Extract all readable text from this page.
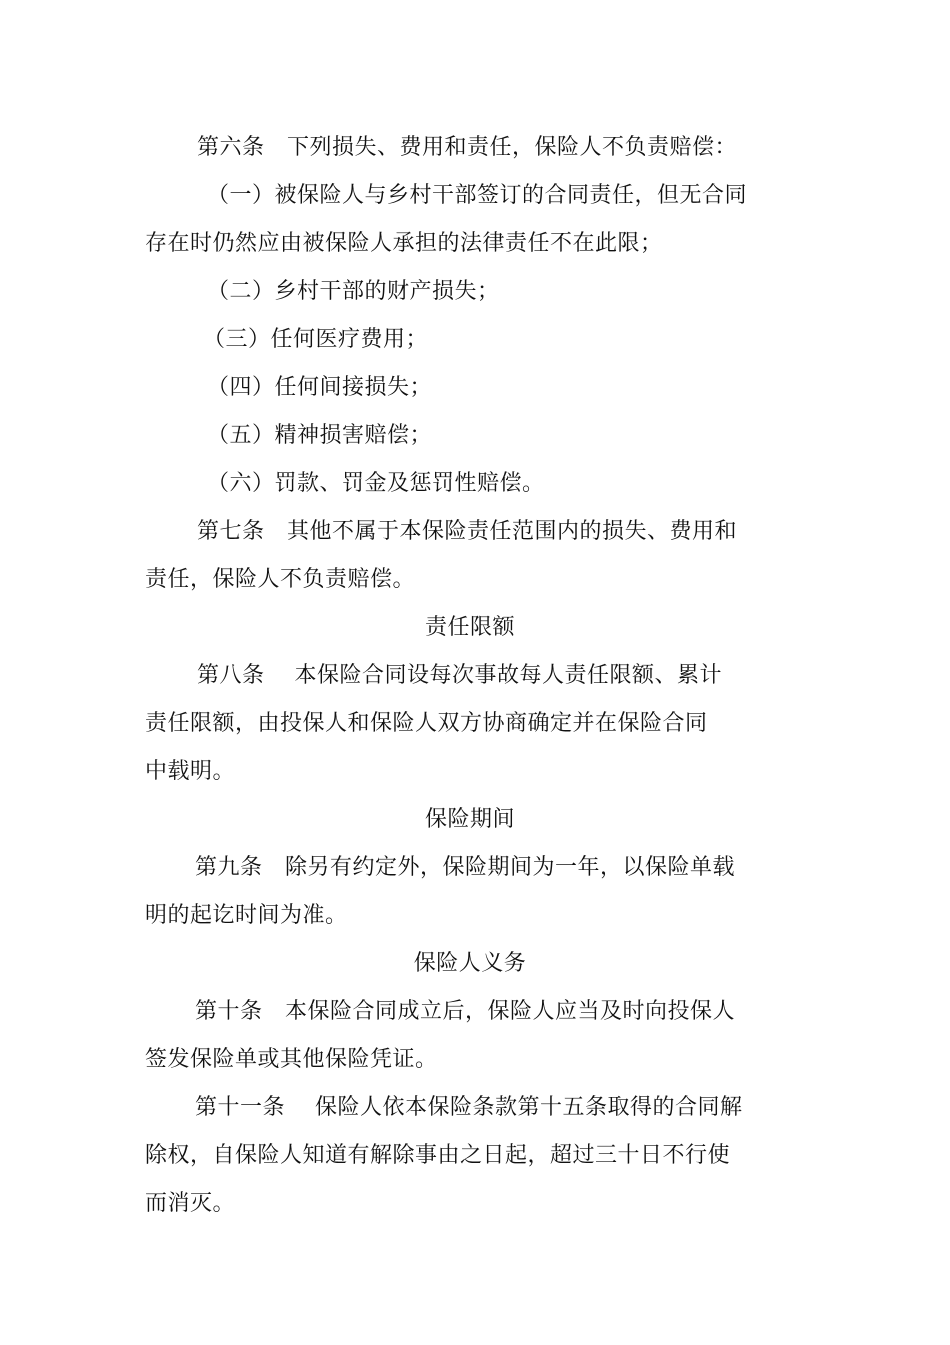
第六条　下列损失、费用和责任，保险人不负责赔偿：
（一）被保险人与乡村干部签订的合同责任，但无合同
存在时仍然应由被保险人承担的法律责任不在此限；
（二）乡村干部的财产损失；
（三）任何医疗费用；
（四）任何间接损失；
（五）精神损害赔偿；
（六）罚款、罚金及惩罚性赔偿。
第七条　其他不属于本保险责任范围内的损失、费用和
责任，保险人不负责赔偿。
责任限额
第八条　 本保险合同设每次事故每人责任限额、累计
责任限额，由投保人和保险人双方协商确定并在保险合同
中载明。
保险期间
第九条　除另有约定外，保险期间为一年，以保险单载
明的起讫时间为准。
保险人义务
第十条　本保险合同成立后，保险人应当及时向投保人
签发保险单或其他保险凭证。
第十一条　 保险人依本保险条款第十五条取得的合同解
除权，自保险人知道有解除事由之日起，超过三十日不行使
而消灭。
